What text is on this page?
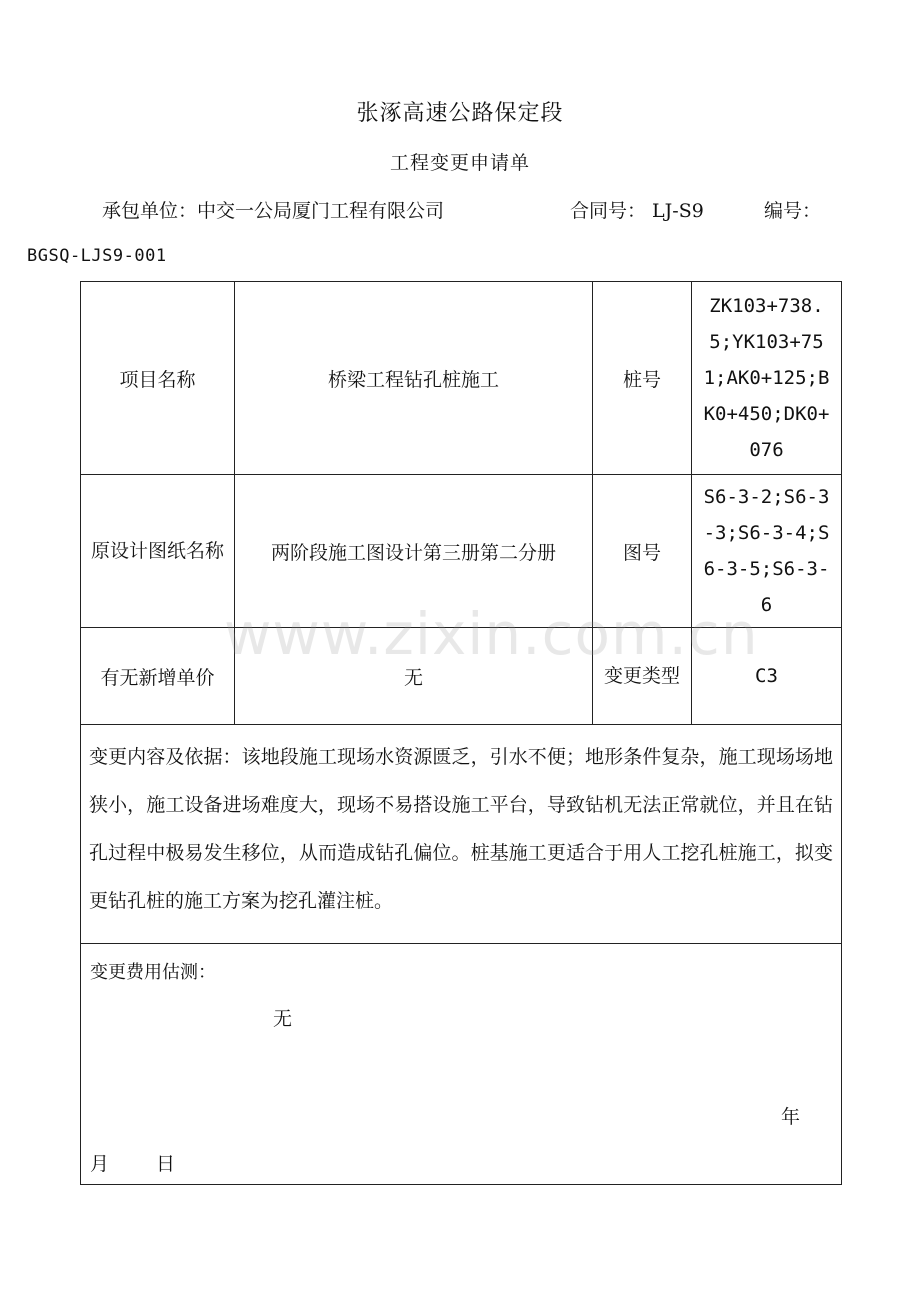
张涿高速公路保定段
工程变更申请单
承包单位：中交一公局厦门工程有限公司	合同号： LJ-S9	编号：
BGSQ-LJS9-001
项目名称	桥梁工程钻孔桩施工	桩号	ZK103+738.5;YK103+751;AK0+125;BK0+450;DK0+076
原设计图纸名称	两阶段施工图设计第三册第二分册	图号	S6-3-2;S6-3-3;S6-3-4;S6-3-5;S6-3-6
有无新增单价	无	变更类型	C3
变更内容及依据：该地段施工现场水资源匮乏，引水不便；地形条件复杂，施工现场场地狭小，施工设备进场难度大，现场不易搭设施工平台，导致钻机无法正常就位，并且在钻孔过程中极易发生移位，从而造成钻孔偏位。桩基施工更适合于用人工挖孔桩施工，拟变更钻孔桩的施工方案为挖孔灌注桩。			

变更费用估测：
无
年
月 日			
www.zixin.com.cn
